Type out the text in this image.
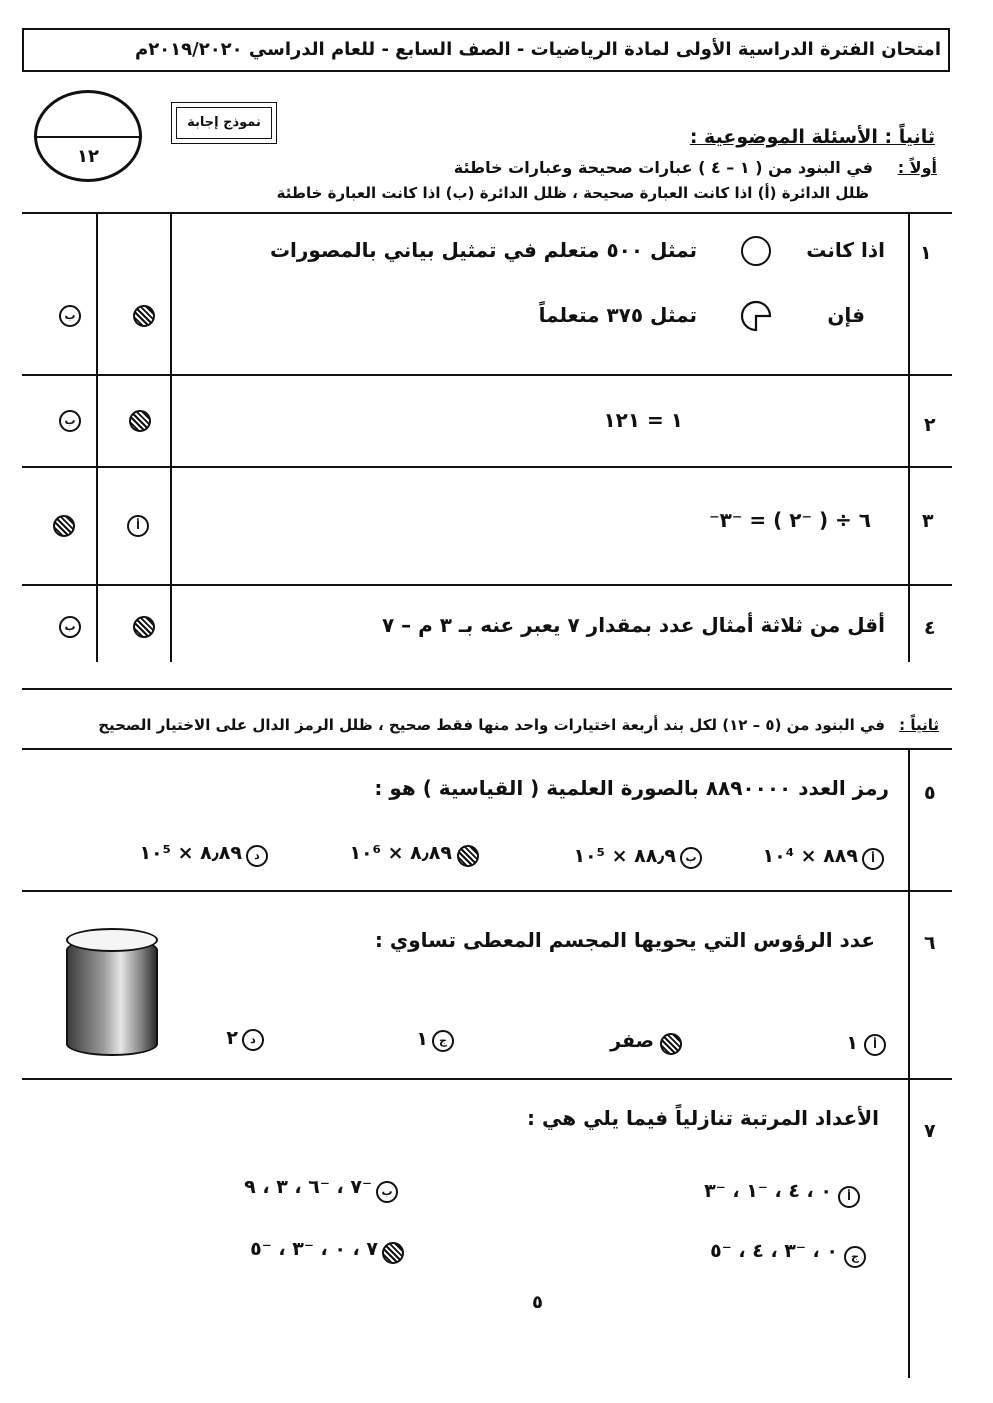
امتحان الفترة الدراسية الأولى لمادة الرياضيات - الصف السابع - للعام الدراسي ٢٠١٩/٢٠٢٠م
١٢
نموذج إجابة
ثانياً : الأسئلة الموضوعية :
أولاً :
في البنود من ( ١ – ٤ ) عبارات صحيحة وعبارات خاطئة
ظلل الدائرة (أ) اذا كانت العبارة صحيحة ، ظلل الدائرة (ب) اذا كانت العبارة خاطئة
١
اذا كانت
تمثل ٥٠٠ متعلم في تمثيل بياني بالمصورات
فإن
تمثل ٣٧٥ متعلماً
ب
٢
١ = ١٢١
ب
٣
⁻٦ ÷ ( ⁻٢ ) = ⁻٣
أ
٤
أقل من ثلاثة أمثال عدد بمقدار ٧ يعبر عنه بـ ٣ م – ٧
ب
ثانياً :
في البنود من (٥ – ١٢) لكل بند أربعة اختيارات واحد منها فقط صحيح ، ظلل الرمز الدال على الاختيار الصحيح
٥
رمز العدد ٨٨٩٠٠٠٠ بالصورة العلمية ( القياسية ) هو :
أ
٨٨٩ × ١٠⁴
ب
٨٨٫٩ × ١٠⁵
٨٫٨٩ × ١٠⁶
د
٨٫٨٩ × ١٠⁵
٦
عدد الرؤوس التي يحويها المجسم المعطى تساوي :
أ
١
صفر
ج
١
د
٢
٧
الأعداد المرتبة تنازلياً فيما يلي هي :
أ
٠ ، ٤ ، ⁻١ ، ⁻٣
ب
⁻٧ ، ⁻٦ ، ٣ ، ٩
ج
٠ ، ⁻٣ ، ٤ ، ⁻٥
٧ ، ٠ ، ⁻٣ ، ⁻٥
٥
